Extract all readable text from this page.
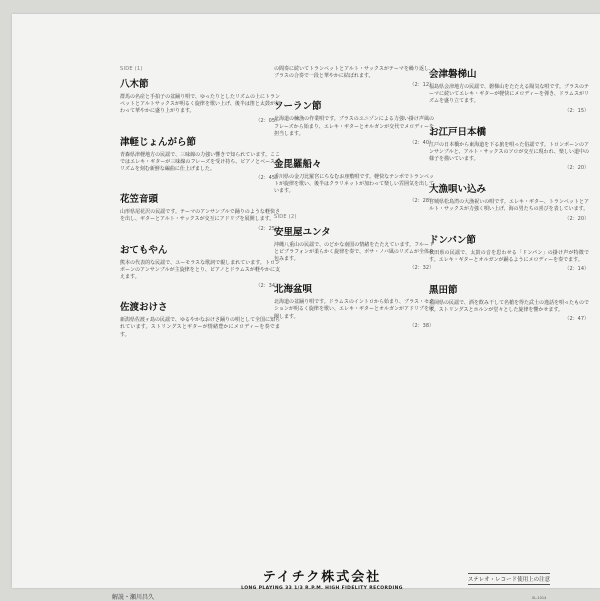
SIDE (1)
八木節

群馬の名産と手拍子の盆踊り唄で、ゆったりとしたリズムの上にトランペットとアルトサックスが明るく旋律を歌い上げ、後半は笛と太鼓が加わって華やかに盛り上がります。

（2：05）
津軽じょんがら節

青森県津軽地方の民謡で、三味線の力強い響きで知られています。ここではエレキ・ギターが三味線のフレーズを受け持ち、ピアノとベースがリズムを刻む新鮮な編曲に仕上げました。

（2：45）
花笠音頭

山形県尾花沢の民謡です。テーマのアンサンブルで踊りのような軽快さを出し、ギターとアルト・サックスが交互にアドリブを展開します。

（2：25）
おてもやん

熊本の代表的な民謡で、ユーモラスな歌詞で親しまれています。トロンボーンのアンサンブルが主旋律をとり、ピアノとドラムスが軽やかに支えます。

（2：34）
佐渡おけさ

新潟県佐渡ヶ島の民謡で、ゆるやかなおけさ踊りの唄として全国に知られています。ストリングスとギターが情緒豊かにメロディーを奏でます。

の間奏に続いてトランペットとアルト・サックスがテーマを繰り返し、ブラスの合奏で一段と華やかに結ばれます。

（2：12）
ソーラン節

北海道の鰊漁の作業唄です。ブラスのユニゾンによる力強い掛け声風のフレーズから始まり、エレキ・ギターとオルガンが交代でメロディーを担当します。

（2：40）
金毘羅船々

香川県の金刀比羅宮にちなむお座敷唄です。軽快なテンポでトランペットが旋律を歌い、後半はクラリネットが加わって楽しい雰囲気を出しています。

（2：28）
SIDE (2)
安里屋ユンタ

沖縄八重山の民謡で、のどかな南国の情緒をたたえています。フルートとビブラフォンが柔らかく旋律を奏で、ボサ・ノバ風のリズムが全体を包みます。

（2：32）
北海盆唄

北海道の盆踊り唄です。ドラムスのイントロから始まり、ブラス・セクションが明るく旋律を歌い、エレキ・ギターとオルガンがアドリブを展開します。

（2：38）
会津磐梯山

福島県会津地方の民謡で、磐梯山をたたえる陽気な唄です。ブラスのテーマに続いてエレキ・ギターが軽快にメロディーを弾き、ドラムスがリズムを盛り立てます。

（2：15）
お江戸日本橋

江戸の日本橋から東海道を下る旅を唄った俗謡です。トロンボーンのアンサンブルと、アルト・サックスのソロが交互に現われ、楽しい道中の様子を描いています。

（2：20）
大漁唄い込み

宮城県松島湾の大漁祝いの唄です。エレキ・ギター、トランペットとアルト・サックスが力強く唄い上げ、海の男たちの喜びを表しています。

（2：20）
ドンパン節

秋田県の民謡で、太鼓の音を思わせる「ドンパン」の掛け声が特徴です。エレキ・ギターとオルガンが踊るようにメロディーを奏でます。

（2：14）
黒田節

福岡県の民謡で、酒を飲み干して名槍を得た武士の逸話を唄ったものです。ストリングスとホルンが堂々とした旋律を響かせます。

（2：47）
解説・瀬川昌久
テイチク株式会社
LONG PLAYING 33 1/3 R.P.M. HIGH FIDELITY RECORDING
ステレオ・レコード使用上の注意
SL-1014
